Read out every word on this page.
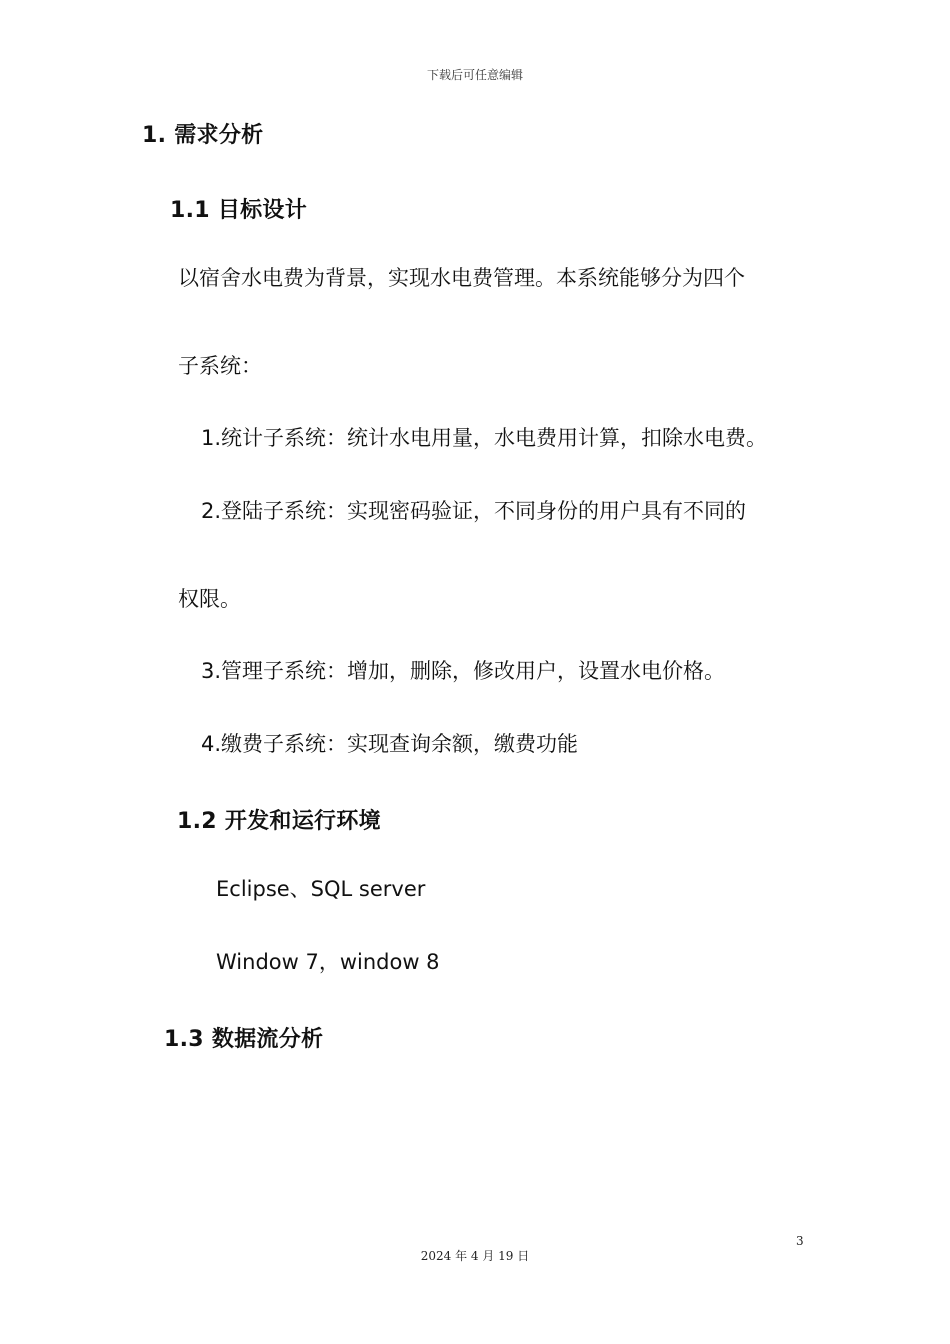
下载后可任意编辑
1. 需求分析
1.1 目标设计
以宿舍水电费为背景，实现水电费管理。本系统能够分为四个
子系统：
1.统计子系统：统计水电用量，水电费用计算，扣除水电费。
2.登陆子系统：实现密码验证，不同身份的用户具有不同的
权限。
3.管理子系统：增加，删除，修改用户，设置水电价格。
4.缴费子系统：实现查询余额，缴费功能
1.2 开发和运行环境
Eclipse、SQL server
Window 7，window 8
1.3 数据流分析
3
2024 年 4 月 19 日
